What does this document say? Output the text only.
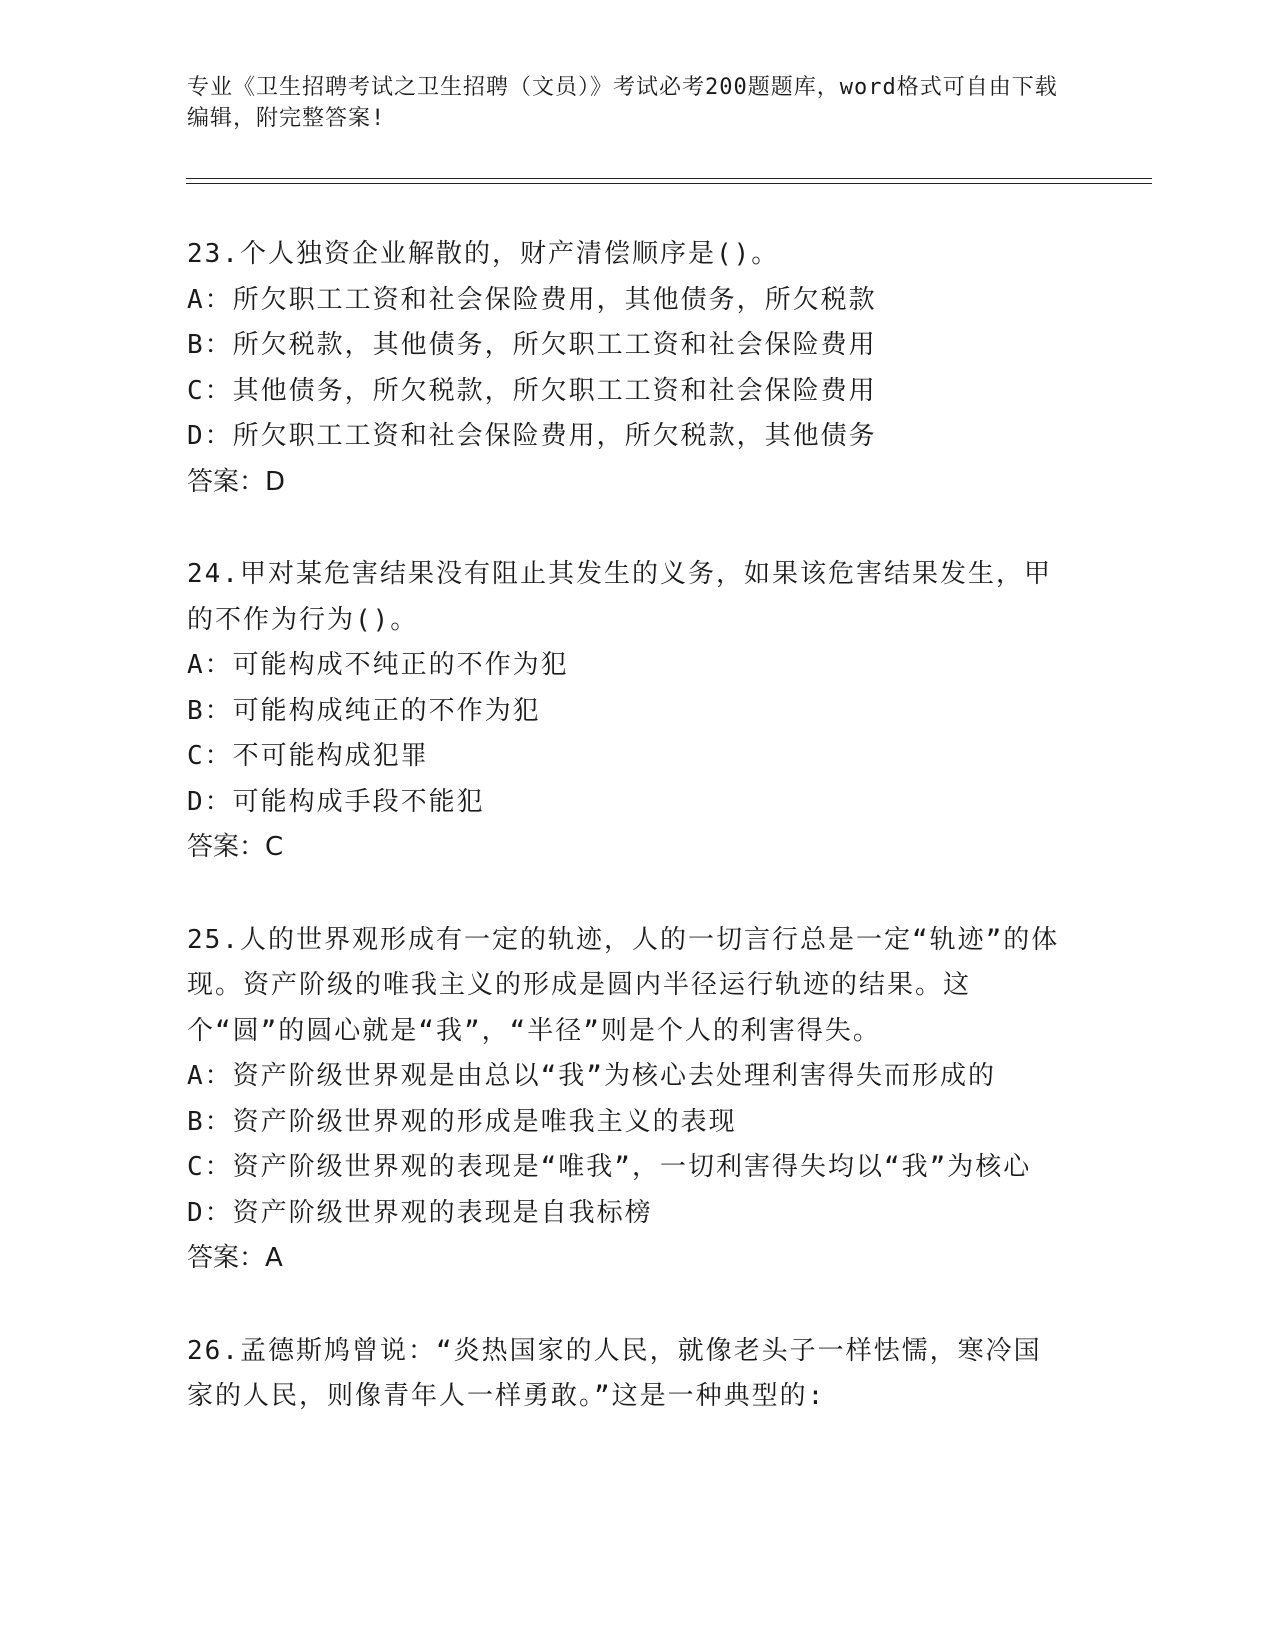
专业《卫生招聘考试之卫生招聘（文员）》考试必考200题题库，word格式可自由下载编辑，附完整答案!

23.个人独资企业解散的，财产清偿顺序是()。

A：所欠职工工资和社会保险费用，其他债务，所欠税款

B：所欠税款，其他债务，所欠职工工资和社会保险费用

C：其他债务，所欠税款，所欠职工工资和社会保险费用

D：所欠职工工资和社会保险费用，所欠税款，其他债务

答案：D

24.甲对某危害结果没有阻止其发生的义务，如果该危害结果发生，甲的不作为行为()。

A：可能构成不纯正的不作为犯

B：可能构成纯正的不作为犯

C：不可能构成犯罪

D：可能构成手段不能犯

答案：C

25.人的世界观形成有一定的轨迹，人的一切言行总是一定“轨迹”的体现。资产阶级的唯我主义的形成是圆内半径运行轨迹的结果。这个“圆”的圆心就是“我”，“半径”则是个人的利害得失。

A：资产阶级世界观是由总以“我”为核心去处理利害得失而形成的

B：资产阶级世界观的形成是唯我主义的表现

C：资产阶级世界观的表现是“唯我”，一切利害得失均以“我”为核心

D：资产阶级世界观的表现是自我标榜

答案：A

26.孟德斯鸠曾说：“炎热国家的人民，就像老头子一样怯懦，寒冷国家的人民，则像青年人一样勇敢。”这是一种典型的:
